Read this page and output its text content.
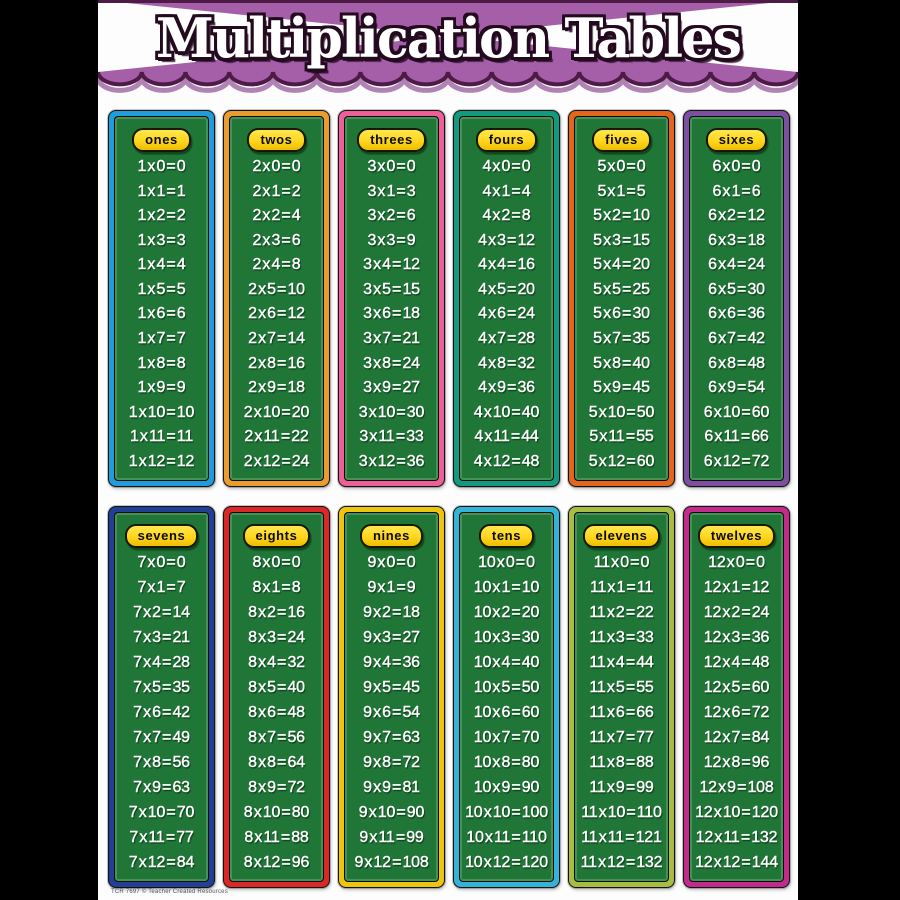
Multiplication Tables
ones
1 x 0 = 0
1 x 1 = 1
1 x 2 = 2
1 x 3 = 3
1 x 4 = 4
1 x 5 = 5
1 x 6 = 6
1 x 7 = 7
1 x 8 = 8
1 x 9 = 9
1 x 10 = 10
1 x 11 = 11
1 x 12 = 12
twos
2 x 0 = 0
2 x 1 = 2
2 x 2 = 4
2 x 3 = 6
2 x 4 = 8
2 x 5 = 10
2 x 6 = 12
2 x 7 = 14
2 x 8 = 16
2 x 9 = 18
2 x 10 = 20
2 x 11 = 22
2 x 12 = 24
threes
3 x 0 = 0
3 x 1 = 3
3 x 2 = 6
3 x 3 = 9
3 x 4 = 12
3 x 5 = 15
3 x 6 = 18
3 x 7 = 21
3 x 8 = 24
3 x 9 = 27
3 x 10 = 30
3 x 11 = 33
3 x 12 = 36
fours
4 x 0 = 0
4 x 1 = 4
4 x 2 = 8
4 x 3 = 12
4 x 4 = 16
4 x 5 = 20
4 x 6 = 24
4 x 7 = 28
4 x 8 = 32
4 x 9 = 36
4 x 10 = 40
4 x 11 = 44
4 x 12 = 48
fives
5 x 0 = 0
5 x 1 = 5
5 x 2 = 10
5 x 3 = 15
5 x 4 = 20
5 x 5 = 25
5 x 6 = 30
5 x 7 = 35
5 x 8 = 40
5 x 9 = 45
5 x 10 = 50
5 x 11 = 55
5 x 12 = 60
sixes
6 x 0 = 0
6 x 1 = 6
6 x 2 = 12
6 x 3 = 18
6 x 4 = 24
6 x 5 = 30
6 x 6 = 36
6 x 7 = 42
6 x 8 = 48
6 x 9 = 54
6 x 10 = 60
6 x 11 = 66
6 x 12 = 72
sevens
7 x 0 = 0
7 x 1 = 7
7 x 2 = 14
7 x 3 = 21
7 x 4 = 28
7 x 5 = 35
7 x 6 = 42
7 x 7 = 49
7 x 8 = 56
7 x 9 = 63
7 x 10 = 70
7 x 11 = 77
7 x 12 = 84
eights
8 x 0 = 0
8 x 1 = 8
8 x 2 = 16
8 x 3 = 24
8 x 4 = 32
8 x 5 = 40
8 x 6 = 48
8 x 7 = 56
8 x 8 = 64
8 x 9 = 72
8 x 10 = 80
8 x 11 = 88
8 x 12 = 96
nines
9 x 0 = 0
9 x 1 = 9
9 x 2 = 18
9 x 3 = 27
9 x 4 = 36
9 x 5 = 45
9 x 6 = 54
9 x 7 = 63
9 x 8 = 72
9 x 9 = 81
9 x 10 = 90
9 x 11 = 99
9 x 12 = 108
tens
10 x 0 = 0
10 x 1 = 10
10 x 2 = 20
10 x 3 = 30
10 x 4 = 40
10 x 5 = 50
10 x 6 = 60
10 x 7 = 70
10 x 8 = 80
10 x 9 = 90
10 x 10 = 100
10 x 11 = 110
10 x 12 = 120
elevens
11 x 0 = 0
11 x 1 = 11
11 x 2 = 22
11 x 3 = 33
11 x 4 = 44
11 x 5 = 55
11 x 6 = 66
11 x 7 = 77
11 x 8 = 88
11 x 9 = 99
11 x 10 = 110
11 x 11 = 121
11 x 12 = 132
twelves
12 x 0 = 0
12 x 1 = 12
12 x 2 = 24
12 x 3 = 36
12 x 4 = 48
12 x 5 = 60
12 x 6 = 72
12 x 7 = 84
12 x 8 = 96
12 x 9 = 108
12 x 10 = 120
12 x 11 = 132
12 x 12 = 144
TCR 7697 © Teacher Created Resources
